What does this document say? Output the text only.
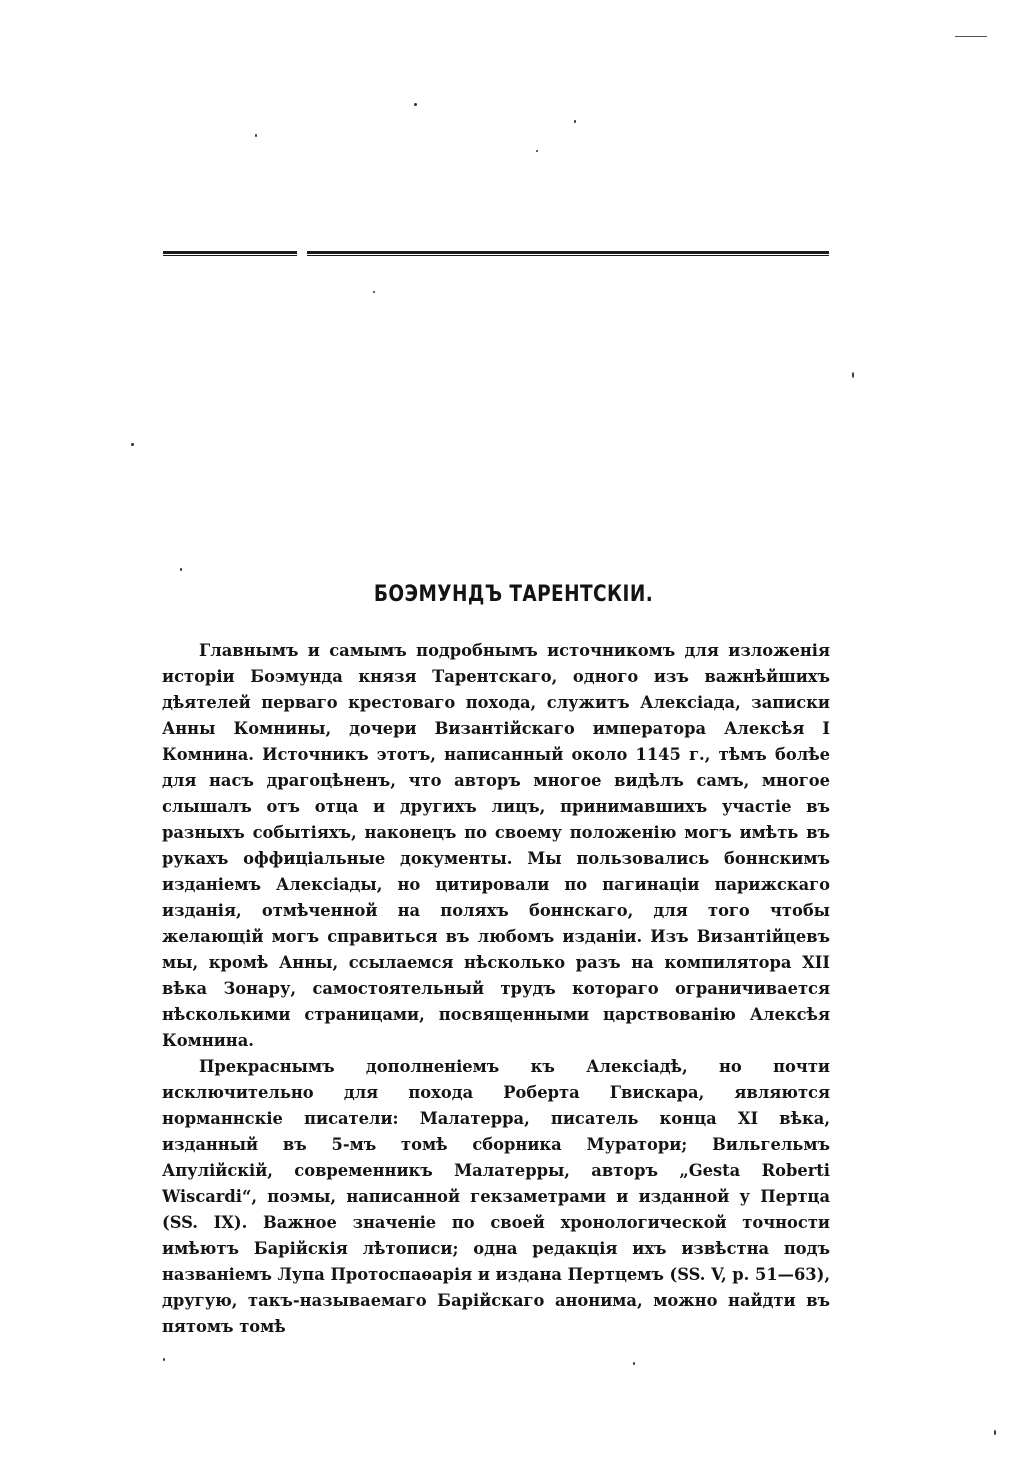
БОЭМУНДЪ ТАРЕНТСКІИ.

Главнымъ и самымъ подробнымъ источникомъ для изложенія исторіи Боэмунда князя Тарентскаго, одного изъ важнѣйшихъ дѣятелей перваго крестоваго похода, служитъ Алексіада, записки Анны Комнины, дочери Византійскаго императора Алексѣя I Комнина. Источникъ этотъ, написанный около 1145 г., тѣмъ болѣе для насъ драгоцѣненъ, что авторъ многое видѣлъ самъ, многое слышалъ отъ отца и другихъ лицъ, принимавшихъ участіе въ разныхъ событіяхъ, наконецъ по своему положенію могъ имѣть въ рукахъ оффиціальные документы. Мы пользовались боннскимъ изданіемъ Алексіады, но цитировали по пагинаціи парижскаго изданія, отмѣченной на поляхъ боннскаго, для того чтобы желающій могъ справиться въ любомъ изданіи. Изъ Византійцевъ мы, кромѣ Анны, ссылаемся нѣсколько разъ на компилятора XII вѣка Зонару, самостоятельный трудъ котораго ограничивается нѣсколькими страницами, посвященными царствованію Алексѣя Комнина.

Прекраснымъ дополненіемъ къ Алексіадѣ, но почти исключительно для похода Роберта Гвискара, являются норманнскіе писатели: Малатерра, писатель конца XI вѣка, изданный въ 5-мъ томѣ сборника Муратори; Вильгельмъ Апулійскій, современникъ Малатерры, авторъ „Gesta Roberti Wiscardi“, поэмы, написанной гекзаметрами и изданной у Пертца (SS. IX). Важное значеніе по своей хронологической точности имѣютъ Барійскія лѣтописи; одна редакція ихъ извѣстна подъ названіемъ Лупа Протоспаѳарія и издана Пертцемъ (SS. V, p. 51—63), другую, такъ-называемаго Барійскаго анонима, можно найдти въ пятомъ томѣ
